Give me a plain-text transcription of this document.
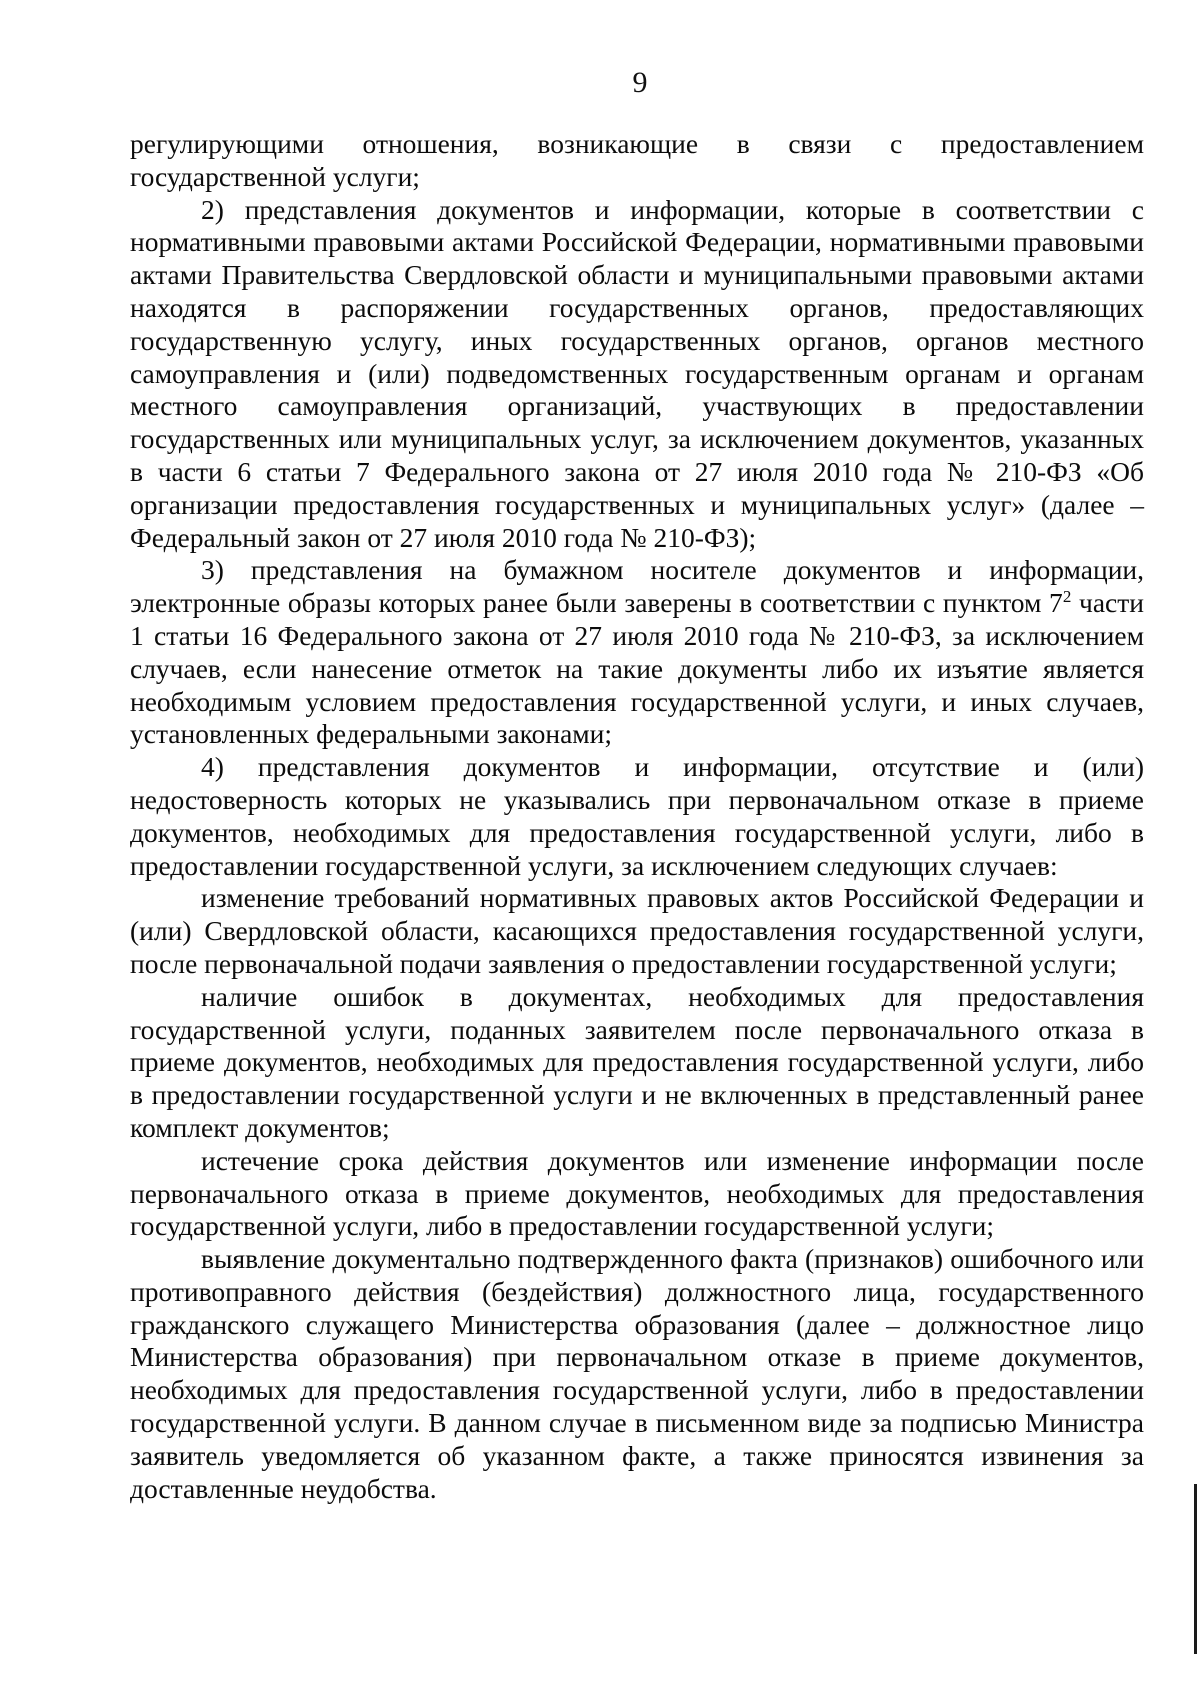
9

регулирующими отношения, возникающие в связи с предоставлением государственной услуги;

2) представления документов и информации, которые в соответствии с нормативными правовыми актами Российской Федерации, нормативными правовыми актами Правительства Свердловской области и муниципальными правовыми актами находятся в распоряжении государственных органов, предоставляющих государственную услугу, иных государственных органов, органов местного самоуправления и (или) подведомственных государственным органам и органам местного самоуправления организаций, участвующих в предоставлении государственных или муниципальных услуг, за исключением документов, указанных в части 6 статьи 7 Федерального закона от 27 июля 2010 года № 210-ФЗ «Об организации предоставления государственных и муниципальных услуг» (далее – Федеральный закон от 27 июля 2010 года № 210-ФЗ);

3) представления на бумажном носителе документов и информации, электронные образы которых ранее были заверены в соответствии с пунктом $7^2$ части 1 статьи 16 Федерального закона от 27 июля 2010 года № 210-ФЗ, за исключением случаев, если нанесение отметок на такие документы либо их изъятие является необходимым условием предоставления государственной услуги, и иных случаев, установленных федеральными законами;

4) представления документов и информации, отсутствие и (или) недостоверность которых не указывались при первоначальном отказе в приеме документов, необходимых для предоставления государственной услуги, либо в предоставлении государственной услуги, за исключением следующих случаев:

изменение требований нормативных правовых актов Российской Федерации и (или) Свердловской области, касающихся предоставления государственной услуги, после первоначальной подачи заявления о предоставлении государственной услуги;

наличие ошибок в документах, необходимых для предоставления государственной услуги, поданных заявителем после первоначального отказа в приеме документов, необходимых для предоставления государственной услуги, либо в предоставлении государственной услуги и не включенных в представленный ранее комплект документов;

истечение срока действия документов или изменение информации после первоначального отказа в приеме документов, необходимых для предоставления государственной услуги, либо в предоставлении государственной услуги;

выявление документально подтвержденного факта (признаков) ошибочного или противоправного действия (бездействия) должностного лица, государственного гражданского служащего Министерства образования (далее – должностное лицо Министерства образования) при первоначальном отказе в приеме документов, необходимых для предоставления государственной услуги, либо в предоставлении государственной услуги. В данном случае в письменном виде за подписью Министра заявитель уведомляется об указанном факте, а также приносятся извинения за доставленные неудобства.
